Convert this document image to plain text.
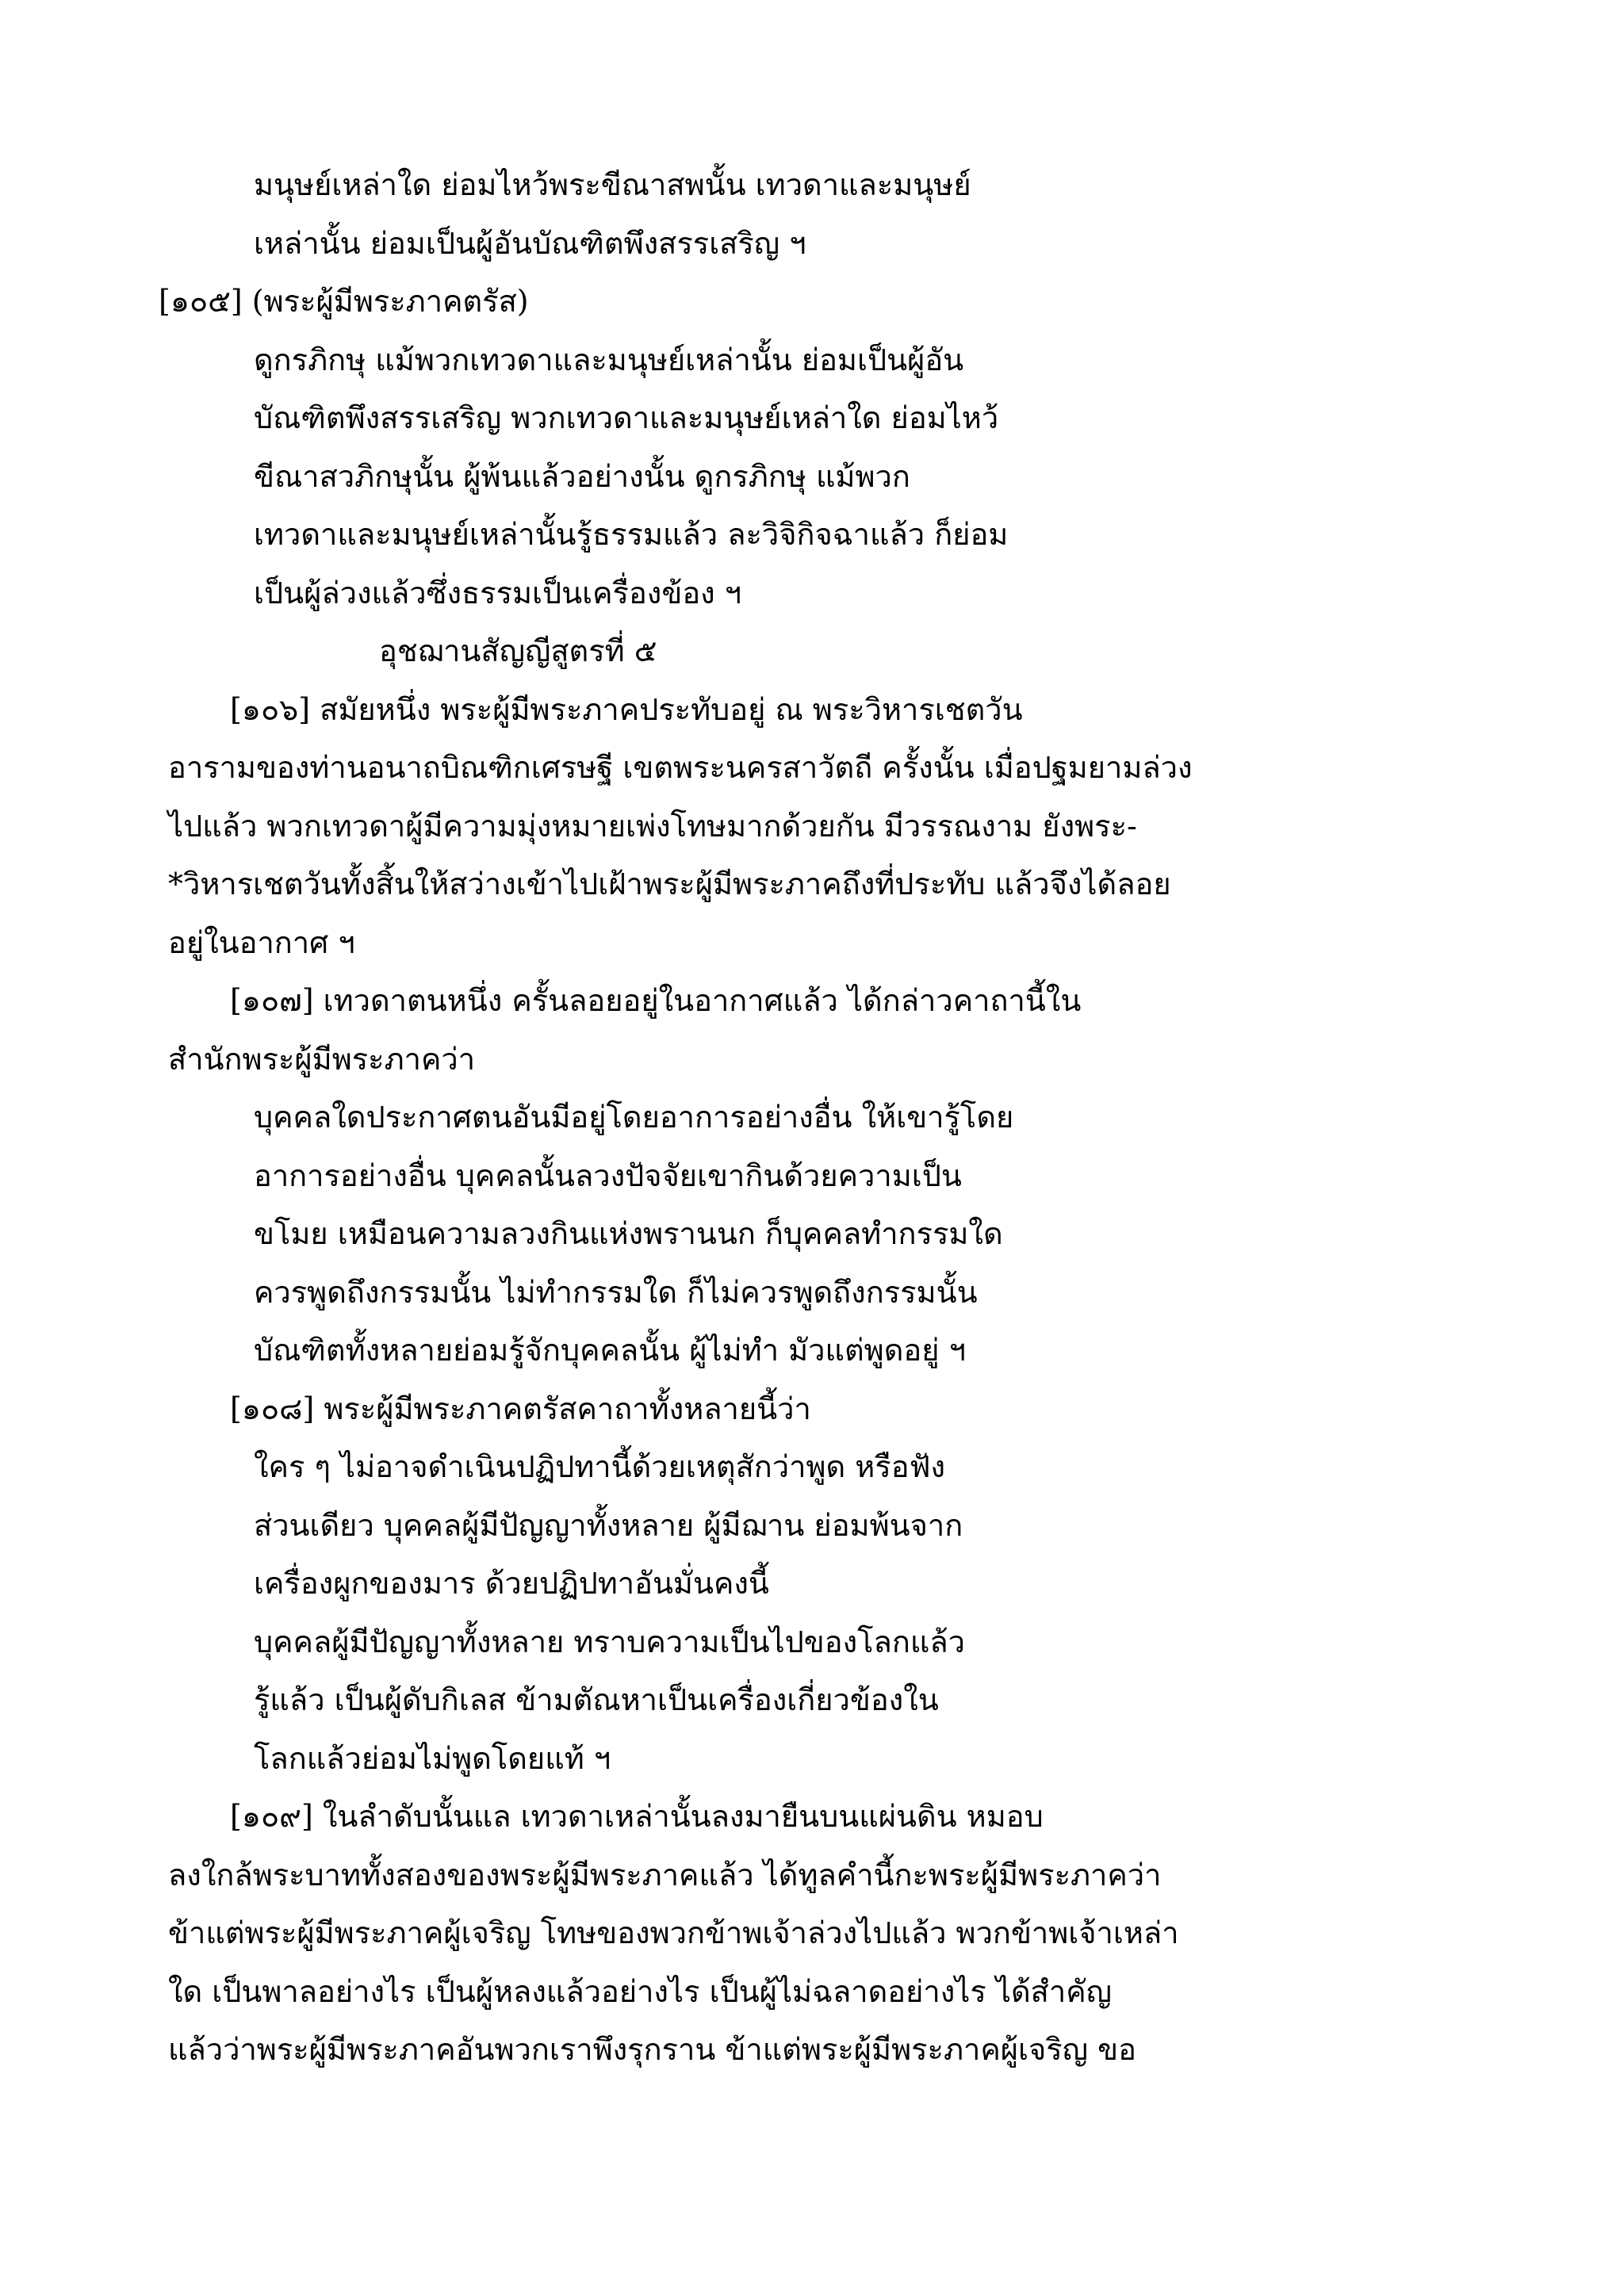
มนุษย์เหล่าใด ย่อมไหว้พระขีณาสพนั้น เทวดาและมนุษย์
เหล่านั้น ย่อมเป็นผู้อันบัณฑิตพึงสรรเสริญ ฯ
[๑๐๕] (พระผู้มีพระภาคตรัส)
ดูกรภิกษุ แม้พวกเทวดาและมนุษย์เหล่านั้น ย่อมเป็นผู้อัน
บัณฑิตพึงสรรเสริญ พวกเทวดาและมนุษย์เหล่าใด ย่อมไหว้
ขีณาสวภิกษุนั้น ผู้พ้นแล้วอย่างนั้น ดูกรภิกษุ แม้พวก
เทวดาและมนุษย์เหล่านั้นรู้ธรรมแล้ว ละวิจิกิจฉาแล้ว ก็ย่อม
เป็นผู้ล่วงแล้วซึ่งธรรมเป็นเครื่องข้อง ฯ
อุชฌานสัญญีสูตรที่ ๕
[๑๐๖] สมัยหนึ่ง พระผู้มีพระภาคประทับอยู่ ณ พระวิหารเชตวัน
อารามของท่านอนาถบิณฑิกเศรษฐี เขตพระนครสาวัตถี ครั้งนั้น เมื่อปฐมยามล่วง
ไปแล้ว พวกเทวดาผู้มีความมุ่งหมายเพ่งโทษมากด้วยกัน มีวรรณงาม ยังพระ-
*วิหารเชตวันทั้งสิ้นให้สว่างเข้าไปเฝ้าพระผู้มีพระภาคถึงที่ประทับ แล้วจึงได้ลอย
อยู่ในอากาศ ฯ
[๑๐๗] เทวดาตนหนึ่ง ครั้นลอยอยู่ในอากาศแล้ว ได้กล่าวคาถานี้ใน
สำนักพระผู้มีพระภาคว่า
บุคคลใดประกาศตนอันมีอยู่โดยอาการอย่างอื่น ให้เขารู้โดย
อาการอย่างอื่น บุคคลนั้นลวงปัจจัยเขากินด้วยความเป็น
ขโมย เหมือนความลวงกินแห่งพรานนก ก็บุคคลทำกรรมใด
ควรพูดถึงกรรมนั้น ไม่ทำกรรมใด ก็ไม่ควรพูดถึงกรรมนั้น
บัณฑิตทั้งหลายย่อมรู้จักบุคคลนั้น ผู้ไม่ทำ มัวแต่พูดอยู่ ฯ
[๑๐๘] พระผู้มีพระภาคตรัสคาถาทั้งหลายนี้ว่า
ใคร ๆ ไม่อาจดำเนินปฏิปทานี้ด้วยเหตุสักว่าพูด หรือฟัง
ส่วนเดียว บุคคลผู้มีปัญญาทั้งหลาย ผู้มีฌาน ย่อมพ้นจาก
เครื่องผูกของมาร ด้วยปฏิปทาอันมั่นคงนี้
บุคคลผู้มีปัญญาทั้งหลาย ทราบความเป็นไปของโลกแล้ว
รู้แล้ว เป็นผู้ดับกิเลส ข้ามตัณหาเป็นเครื่องเกี่ยวข้องใน
โลกแล้วย่อมไม่พูดโดยแท้ ฯ
[๑๐๙] ในลำดับนั้นแล เทวดาเหล่านั้นลงมายืนบนแผ่นดิน หมอบ
ลงใกล้พระบาททั้งสองของพระผู้มีพระภาคแล้ว ได้ทูลคำนี้กะพระผู้มีพระภาคว่า
ข้าแต่พระผู้มีพระภาคผู้เจริญ โทษของพวกข้าพเจ้าล่วงไปแล้ว พวกข้าพเจ้าเหล่า
ใด เป็นพาลอย่างไร เป็นผู้หลงแล้วอย่างไร เป็นผู้ไม่ฉลาดอย่างไร ได้สำคัญ
แล้วว่าพระผู้มีพระภาคอันพวกเราพึงรุกราน ข้าแต่พระผู้มีพระภาคผู้เจริญ ขอ
